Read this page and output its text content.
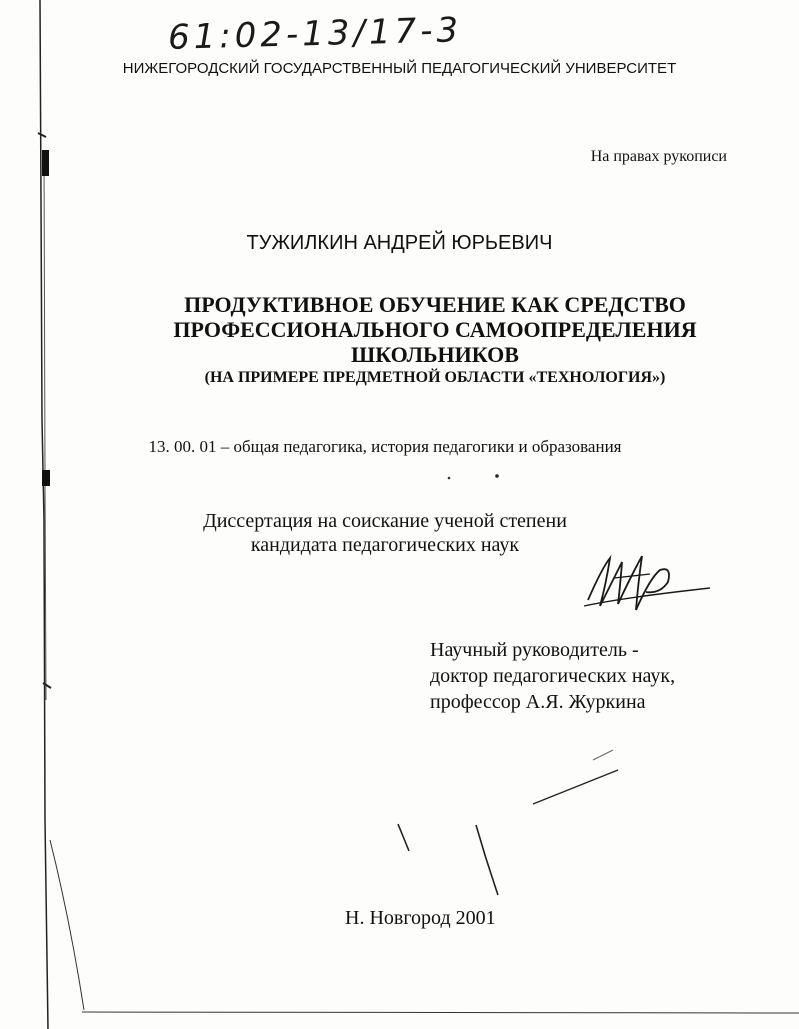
61:02-13/17-3
НИЖЕГОРОДСКИЙ ГОСУДАРСТВЕННЫЙ ПЕДАГОГИЧЕСКИЙ УНИВЕРСИТЕТ
На правах рукописи
ТУЖИЛКИН АНДРЕЙ ЮРЬЕВИЧ
ПРОДУКТИВНОЕ ОБУЧЕНИЕ КАК СРЕДСТВО
ПРОФЕССИОНАЛЬНОГО САМООПРЕДЕЛЕНИЯ
ШКОЛЬНИКОВ
(НА ПРИМЕРЕ ПРЕДМЕТНОЙ ОБЛАСТИ «ТЕХНОЛОГИЯ»)
13. 00. 01 – общая педагогика, история педагогики и образования
Диссертация на соискание ученой степени
кандидата педагогических наук
Научный руководитель -
доктор педагогических наук,
профессор А.Я. Журкина
Н. Новгород 2001
